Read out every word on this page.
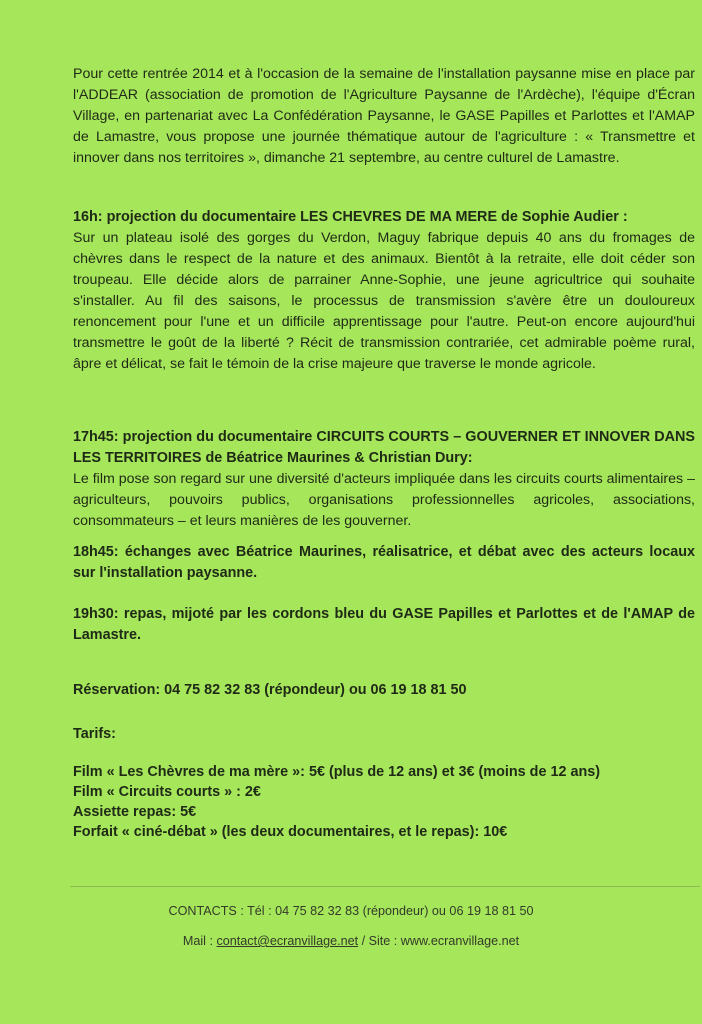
Pour cette rentrée 2014 et à l'occasion de la semaine de l'installation paysanne mise en place par l'ADDEAR (association de promotion de l'Agriculture Paysanne de l'Ardèche), l'équipe d'Écran Village, en partenariat avec La Confédération Paysanne, le GASE Papilles et Parlottes et l'AMAP de Lamastre, vous propose une journée thématique autour de l'agriculture : « Transmettre et innover dans nos territoires », dimanche 21 septembre, au centre culturel de Lamastre.

16h: projection du documentaire LES CHEVRES DE MA MERE de Sophie Audier :

Sur un plateau isolé des gorges du Verdon, Maguy fabrique depuis 40 ans du fromages de chèvres dans le respect de la nature et des animaux. Bientôt à la retraite, elle doit céder son troupeau. Elle décide alors de parrainer Anne-Sophie, une jeune agricultrice qui souhaite s'installer. Au fil des saisons, le processus de transmission s'avère être un douloureux renoncement pour l'une et un difficile apprentissage pour l'autre. Peut-on encore aujourd'hui transmettre le goût de la liberté ? Récit de transmission contrariée, cet admirable poème rural, âpre et délicat, se fait le témoin de la crise majeure que traverse le monde agricole.

17h45: projection du documentaire CIRCUITS COURTS – GOUVERNER ET INNOVER DANS LES TERRITOIRES de Béatrice Maurines & Christian Dury:

Le film pose son regard sur une diversité d'acteurs impliquée dans les circuits courts alimentaires – agriculteurs, pouvoirs publics, organisations professionnelles agricoles, associations, consommateurs – et leurs manières de les gouverner.

18h45: échanges avec Béatrice Maurines, réalisatrice, et débat avec des acteurs locaux sur l'installation paysanne.

19h30: repas, mijoté par les cordons bleu du GASE Papilles et Parlottes et de l'AMAP de Lamastre.

Réservation: 04 75 82 32 83 (répondeur) ou 06 19 18 81 50

Tarifs:

Film « Les Chèvres de ma mère »: 5€ (plus de 12 ans) et 3€ (moins de 12 ans)

Film « Circuits courts » : 2€

Assiette repas: 5€

Forfait « ciné-débat » (les deux documentaires, et le repas): 10€

CONTACTS : Tél : 04 75 82 32 83 (répondeur) ou 06 19 18 81 50

Mail : contact@ecranvillage.net / Site : www.ecranvillage.net
